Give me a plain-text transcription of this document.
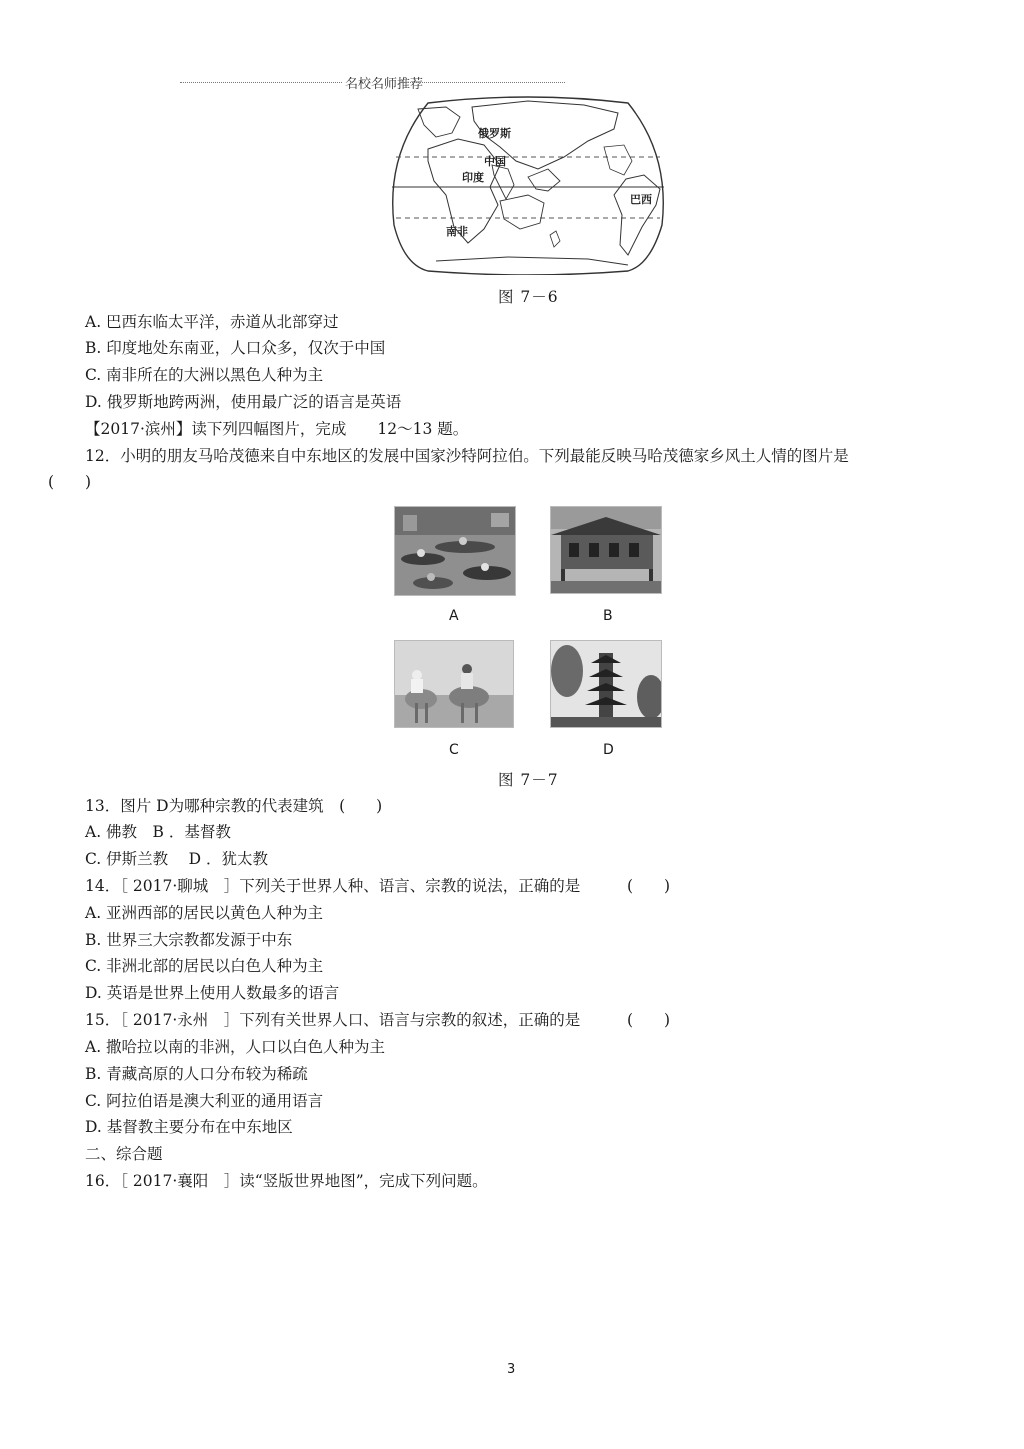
名校名师推荐
俄罗斯
中国
印度
南非
巴西
图 7－6
A. 巴西东临太平洋，赤道从北部穿过
B. 印度地处东南亚，人口众多，仅次于中国
C. 南非所在的大洲以黑色人种为主
D. 俄罗斯地跨两洲，使用最广泛的语言是英语
【2017·滨州】读下列四幅图片，完成　　12～13 题。
12．小明的朋友马哈茂德来自中东地区的发展中国家沙特阿拉伯。下列最能反映马哈茂德家乡风土人情的图片是
(　　)
A	B
C	D
图 7－7
13．图片 D为哪种宗教的代表建筑　(　　)
A. 佛教　B ．基督教
C. 伊斯兰教　 D ．犹太教
14．［ 2017·聊城　］下列关于世界人种、语言、宗教的说法，正确的是	(　　)
A. 亚洲西部的居民以黄色人种为主
B. 世界三大宗教都发源于中东
C. 非洲北部的居民以白色人种为主
D. 英语是世界上使用人数最多的语言
15．［ 2017·永州　］下列有关世界人口、语言与宗教的叙述，正确的是	(　　)
A. 撒哈拉以南的非洲，人口以白色人种为主
B. 青藏高原的人口分布较为稀疏
C. 阿拉伯语是澳大利亚的通用语言
D. 基督教主要分布在中东地区
二、综合题
16．［ 2017·襄阳　］读“竖版世界地图”，完成下列问题。
3
